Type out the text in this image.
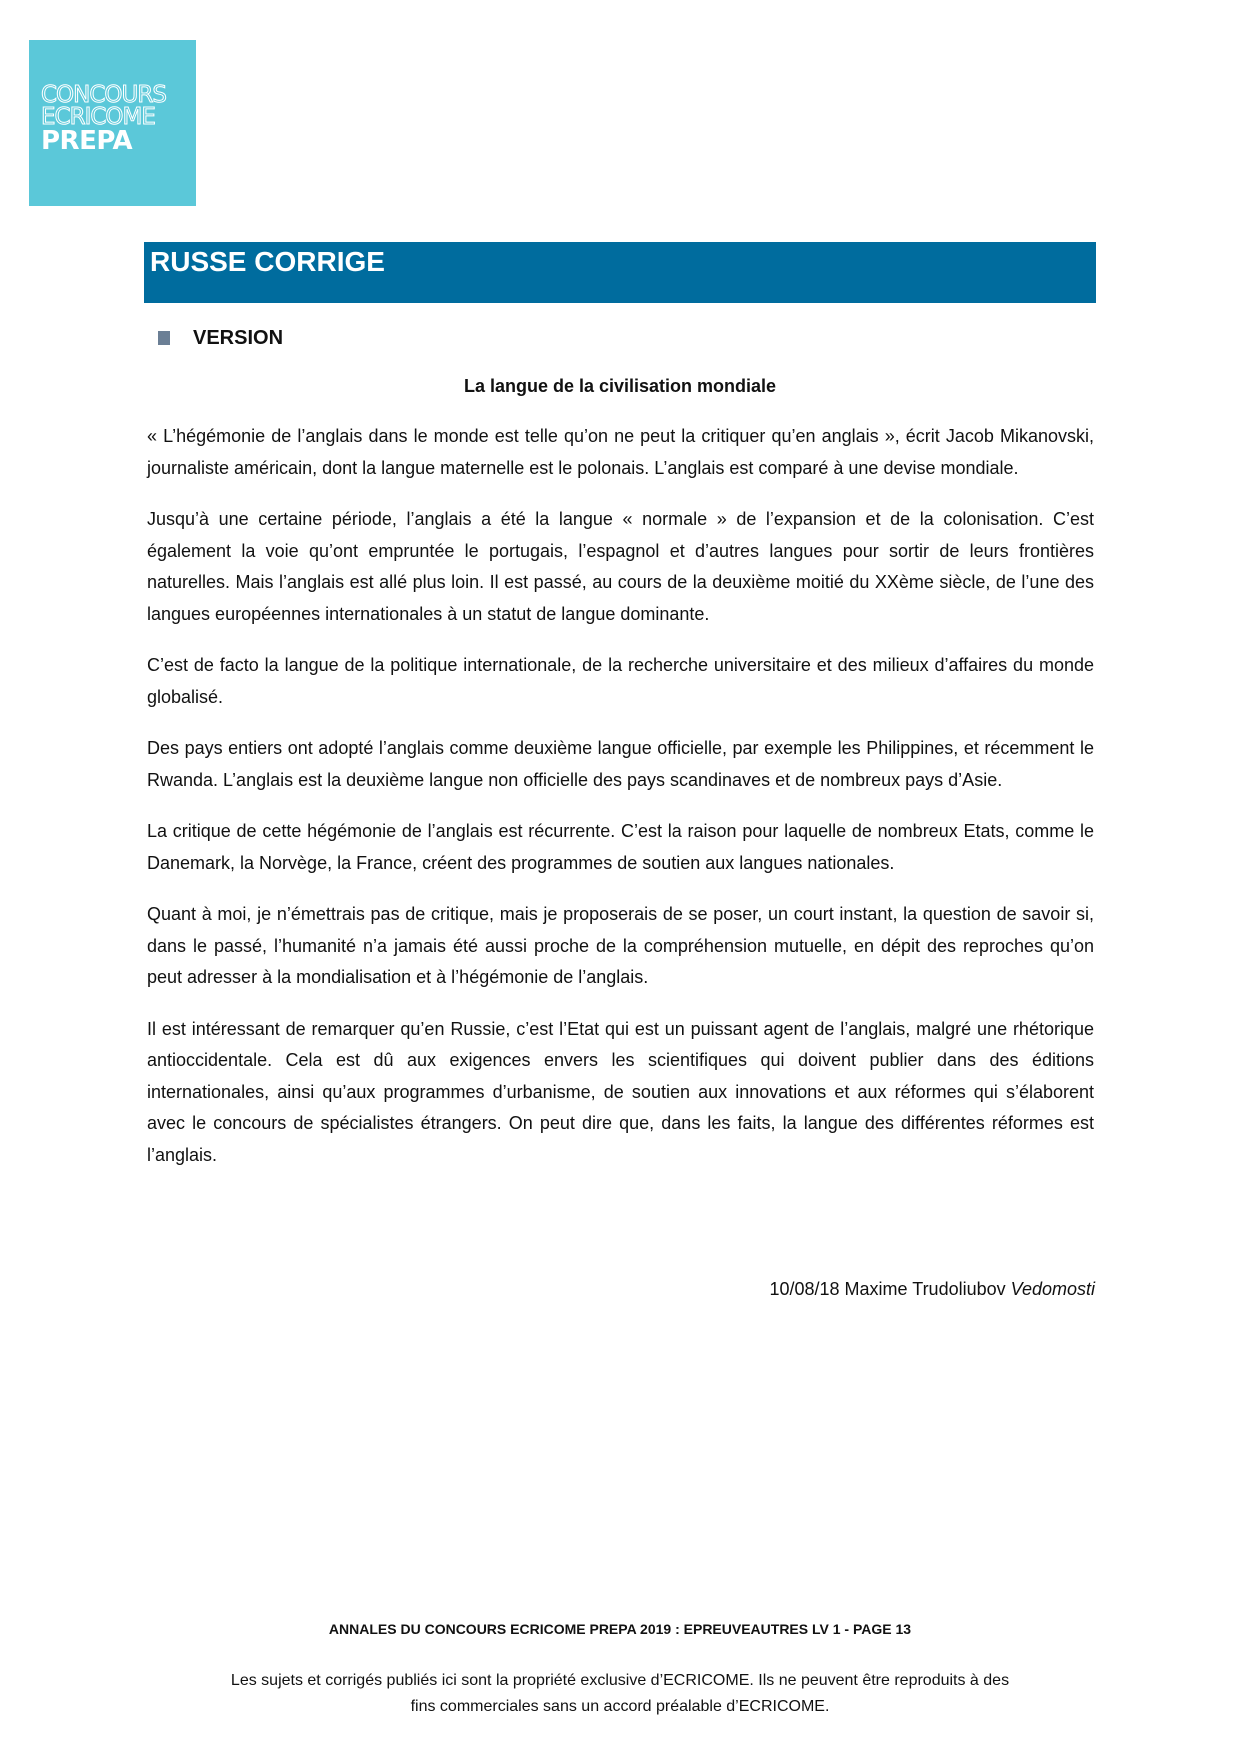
CONCOURS
ECRICOME
PREPA
RUSSE CORRIGE
VERSION
La langue de la civilisation mondiale

« L’hégémonie de l’anglais dans le monde est telle qu’on ne peut la critiquer qu’en anglais », écrit Jacob Mikanovski, journaliste américain, dont la langue maternelle est le polonais. L’anglais est comparé à une devise mondiale.

Jusqu’à une certaine période, l’anglais a été la langue « normale » de l’expansion et de la colonisation. C’est également la voie qu’ont empruntée le portugais, l’espagnol et d’autres langues pour sortir de leurs frontières naturelles. Mais l’anglais est allé plus loin. Il est passé, au cours de la deuxième moitié du XXème siècle, de l’une des langues européennes internationales à un statut de langue dominante.

C’est de facto la langue de la politique internationale, de la recherche universitaire et des milieux d’affaires du monde globalisé.

Des pays entiers ont adopté l’anglais comme deuxième langue officielle, par exemple les Philippines, et récemment le Rwanda. L’anglais est la deuxième langue non officielle des pays scandinaves et de nombreux pays d’Asie.

La critique de cette hégémonie de l’anglais est récurrente. C’est la raison pour laquelle de nombreux Etats, comme le Danemark, la Norvège, la France, créent des programmes de soutien aux langues nationales.

Quant à moi, je n’émettrais pas de critique, mais je proposerais de se poser, un court instant, la question de savoir si, dans le passé, l’humanité n’a jamais été aussi proche de la compréhension mutuelle, en dépit des reproches qu’on peut adresser à la mondialisation et à l’hégémonie de l’anglais.

Il est intéressant de remarquer qu’en Russie, c’est l’Etat qui est un puissant agent de l’anglais, malgré une rhétorique antioccidentale. Cela est dû aux exigences envers les scientifiques qui doivent publier dans des éditions internationales, ainsi qu’aux programmes d’urbanisme, de soutien aux innovations et aux réformes qui s’élaborent avec le concours de spécialistes étrangers. On peut dire que, dans les faits, la langue des différentes réformes est l’anglais.

10/08/18 Maxime Trudoliubov Vedomosti
ANNALES DU CONCOURS ECRICOME PREPA 2019 : EPREUVEAUTRES LV 1 - PAGE 13
Les sujets et corrigés publiés ici sont la propriété exclusive d’ECRICOME. Ils ne peuvent être reproduits à des
fins commerciales sans un accord préalable d’ECRICOME.
